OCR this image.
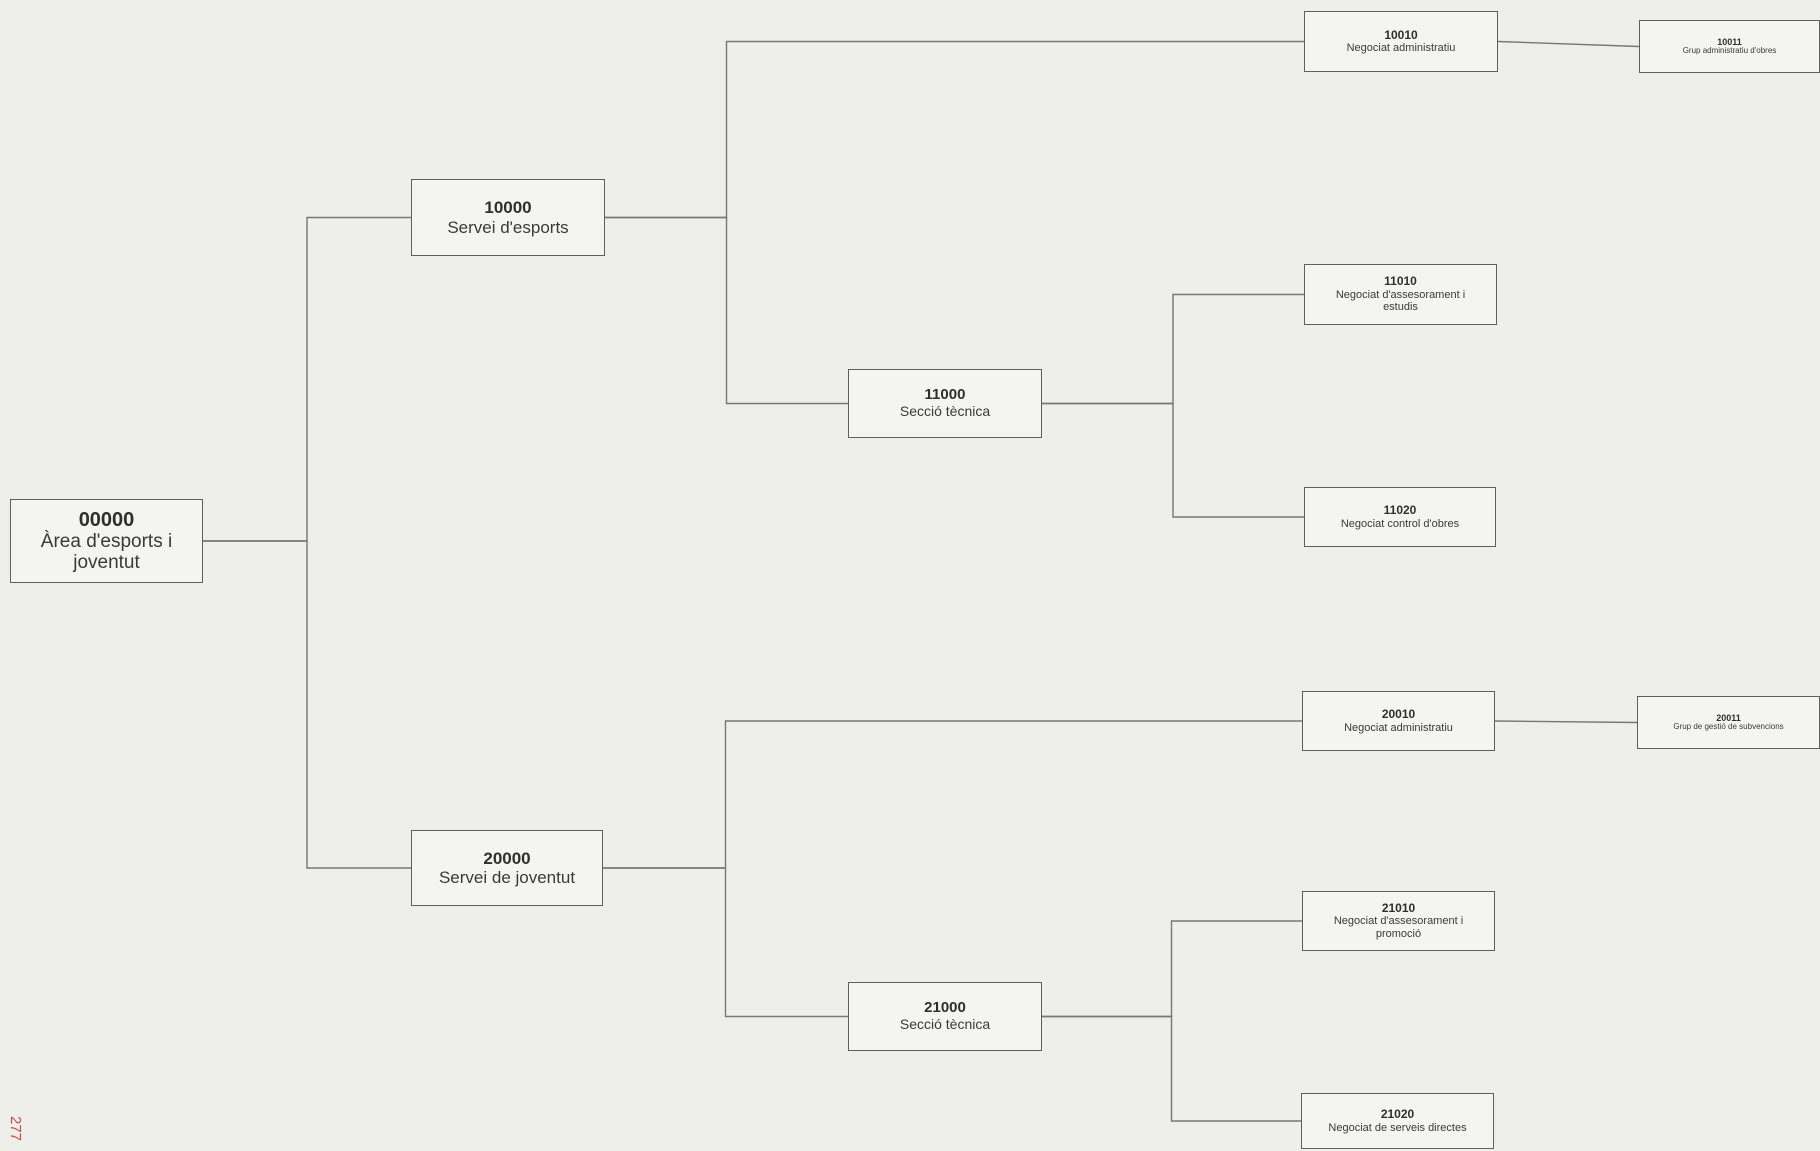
00000
Àrea d'esports i joventut
10000
Servei d'esports
20000
Servei de joventut
11000
Secció tècnica
21000
Secció tècnica
10010
Negociat administratiu
11010
Negociat d'assesorament i estudis
11020
Negociat control d'obres
20010
Negociat administratiu
21010
Negociat d'assesorament i promoció
21020
Negociat de serveis directes
10011
Grup administratiu d'obres
20011
Grup de gestió de subvencions
277
